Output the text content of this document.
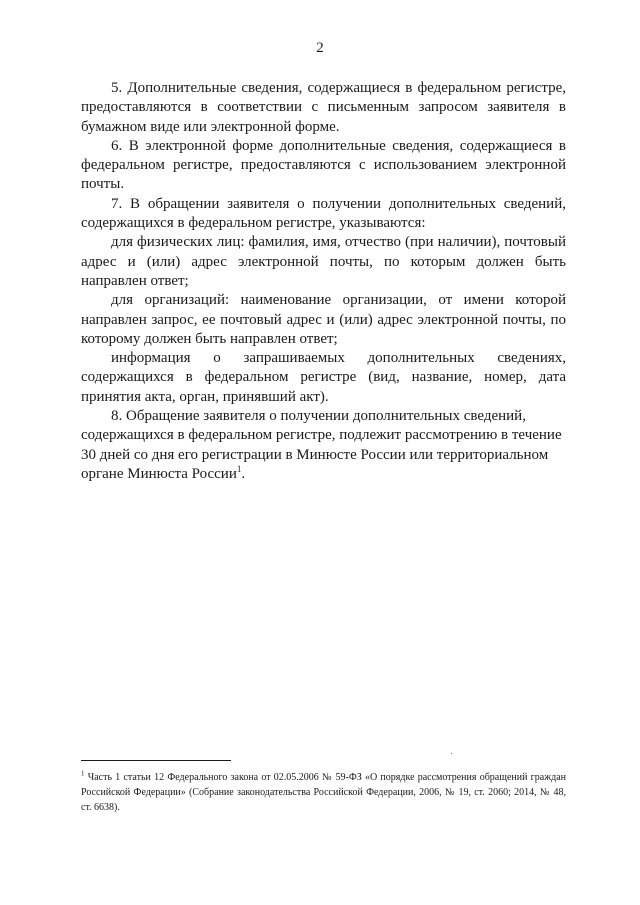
2

5. Дополнительные сведения, содержащиеся в федеральном регистре, предоставляются в соответствии с письменным запросом заявителя в бумажном виде или электронной форме.

6. В электронной форме дополнительные сведения, содержащиеся в федеральном регистре, предоставляются с использованием электронной почты.

7. В обращении заявителя о получении дополнительных сведений, содержащихся в федеральном регистре, указываются:

для физических лиц: фамилия, имя, отчество (при наличии), почтовый адрес и (или) адрес электронной почты, по которым должен быть направлен ответ;

для организаций: наименование организации, от имени которой направлен запрос, ее почтовый адрес и (или) адрес электронной почты, по которому должен быть направлен ответ;

информация о запрашиваемых дополнительных сведениях, содержащихся в федеральном регистре (вид, название, номер, дата принятия акта, орган, принявший акт).

8. Обращение заявителя о получении дополнительных сведений, содержащихся в федеральном регистре, подлежит рассмотрению в течение 30 дней со дня его регистрации в Минюсте России или территориальном органе Минюста России$^1$.

$^1$ Часть 1 статьи 12 Федерального закона от 02.05.2006 № 59-ФЗ «О порядке рассмотрения обращений граждан Российской Федерации» (Собрание законодательства Российской Федерации, 2006, № 19, ст. 2060; 2014, № 48, ст. 6638).
